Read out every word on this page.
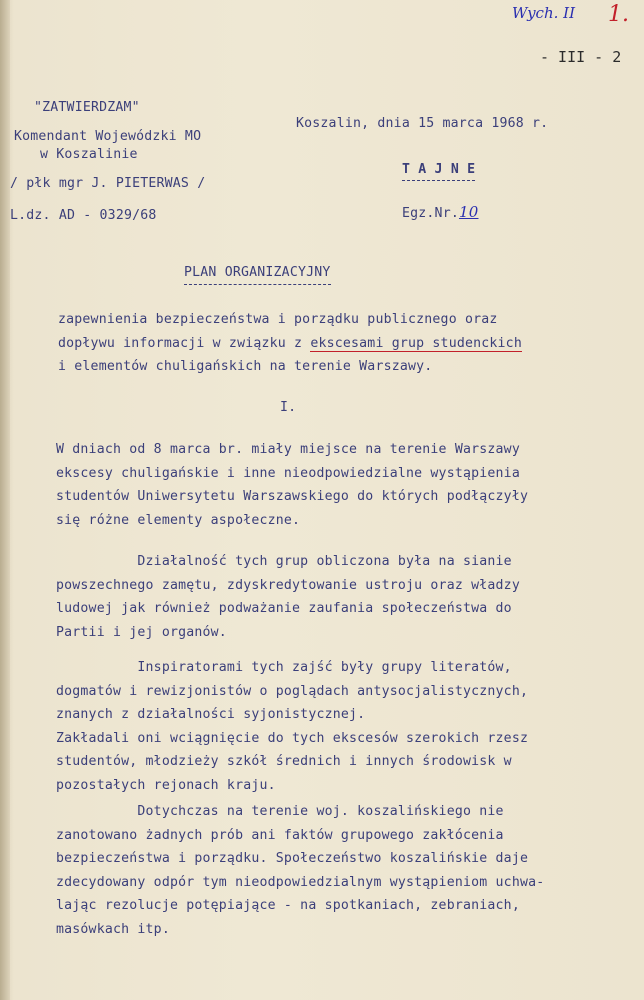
Wych. II 1.
- III - 2
"ZATWIERDZAM"
Komendant Wojewódzki MO
w Koszalinie
/ płk mgr J. PIETERWAS /
L.dz. AD - 0329/68
Koszalin, dnia 15 marca 1968 r.
T A J N E
Egz.Nr.10
PLAN ORGANIZACYJNY
zapewnienia bezpieczeństwa i porządku publicznego oraz
dopływu informacji w związku z ekscesami grup studenckich
i elementów chuligańskich na terenie Warszawy.
I.
W dniach od 8 marca br. miały miejsce na terenie Warszawy
ekscesy chuligańskie i inne nieodpowiedzialne wystąpienia
studentów Uniwersytetu Warszawskiego do których podłączyły
się różne elementy aspołeczne.
Działalność tych grup obliczona była na sianie
powszechnego zamętu, zdyskredytowanie ustroju oraz władzy
ludowej jak również podważanie zaufania społeczeństwa do
Partii i jej organów.
Inspiratorami tych zajść były grupy literatów,
dogmatów i rewizjonistów o poglądach antysocjalistycznych,
znanych z działalności syjonistycznej.
Zakładali oni wciągnięcie do tych ekscesów szerokich rzesz
studentów, młodzieży szkół średnich i innych środowisk w
pozostałych rejonach kraju.
Dotychczas na terenie woj. koszalińskiego nie
zanotowano żadnych prób ani faktów grupowego zakłócenia
bezpieczeństwa i porządku. Społeczeństwo koszalińskie daje
zdecydowany odpór tym nieodpowiedzialnym wystąpieniom uchwa-
lając rezolucje potępiające - na spotkaniach, zebraniach,
masówkach itp.
